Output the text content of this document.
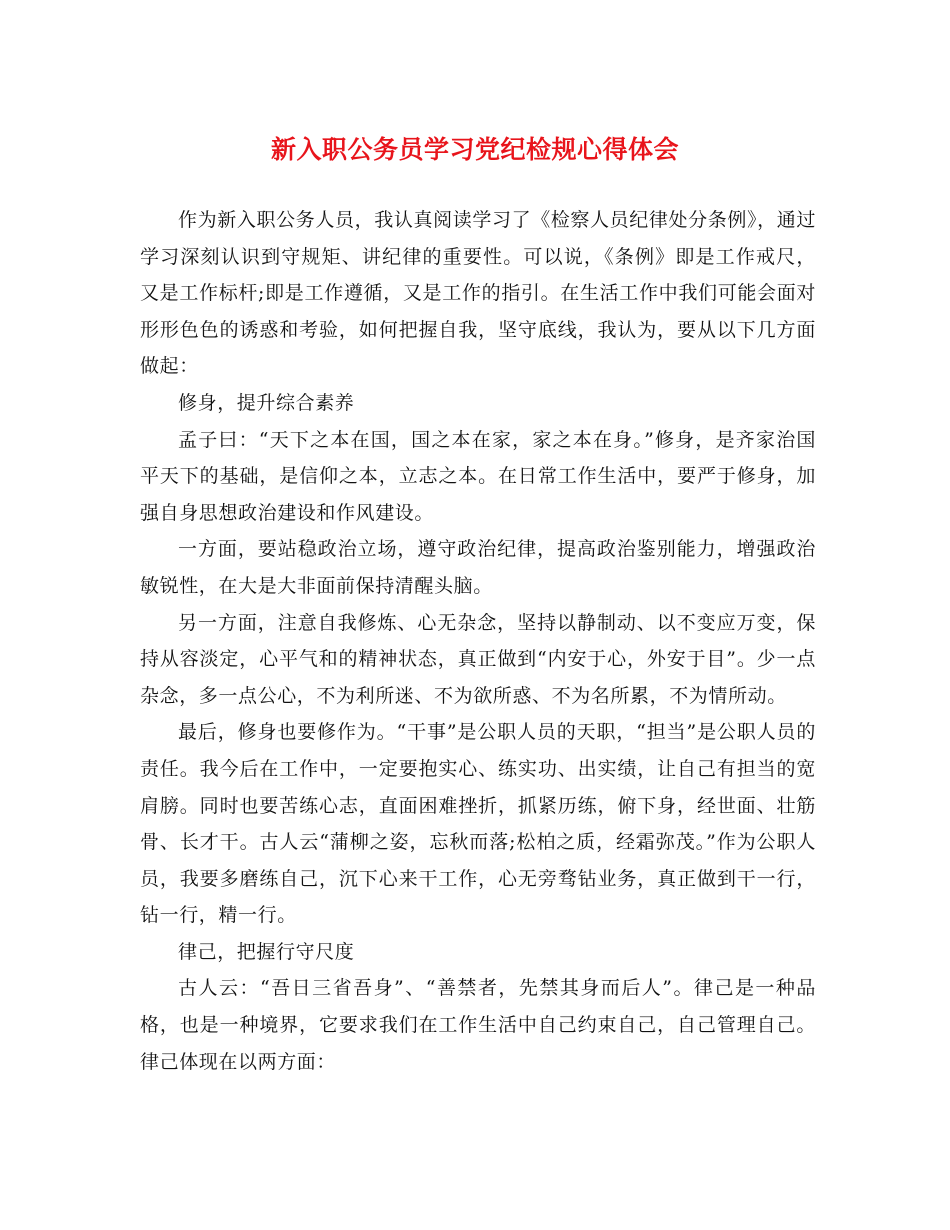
新入职公务员学习党纪检规心得体会

作为新入职公务人员，我认真阅读学习了《检察人员纪律处分条例》，通过学习深刻认识到守规矩、讲纪律的重要性。可以说，《条例》即是工作戒尺，又是工作标杆;即是工作遵循，又是工作的指引。在生活工作中我们可能会面对形形色色的诱惑和考验，如何把握自我，坚守底线，我认为，要从以下几方面做起：

修身，提升综合素养

孟子曰：“天下之本在国，国之本在家，家之本在身。”修身，是齐家治国平天下的基础，是信仰之本，立志之本。在日常工作生活中，要严于修身，加强自身思想政治建设和作风建设。

一方面，要站稳政治立场，遵守政治纪律，提高政治鉴别能力，增强政治敏锐性，在大是大非面前保持清醒头脑。

另一方面，注意自我修炼、心无杂念，坚持以静制动、以不变应万变，保持从容淡定，心平气和的精神状态，真正做到“内安于心，外安于目”。少一点杂念，多一点公心，不为利所迷、不为欲所惑、不为名所累，不为情所动。

最后，修身也要修作为。“干事”是公职人员的天职，“担当”是公职人员的责任。我今后在工作中，一定要抱实心、练实功、出实绩，让自己有担当的宽肩膀。同时也要苦练心志，直面困难挫折，抓紧历练，俯下身，经世面、壮筋骨、长才干。古人云“蒲柳之姿，忘秋而落;松柏之质，经霜弥茂。”作为公职人员，我要多磨练自己，沉下心来干工作，心无旁骛钻业务，真正做到干一行，钻一行，精一行。

律己，把握行守尺度

古人云：“吾日三省吾身”、“善禁者，先禁其身而后人”。律己是一种品格，也是一种境界，它要求我们在工作生活中自己约束自己，自己管理自己。律己体现在以两方面：
